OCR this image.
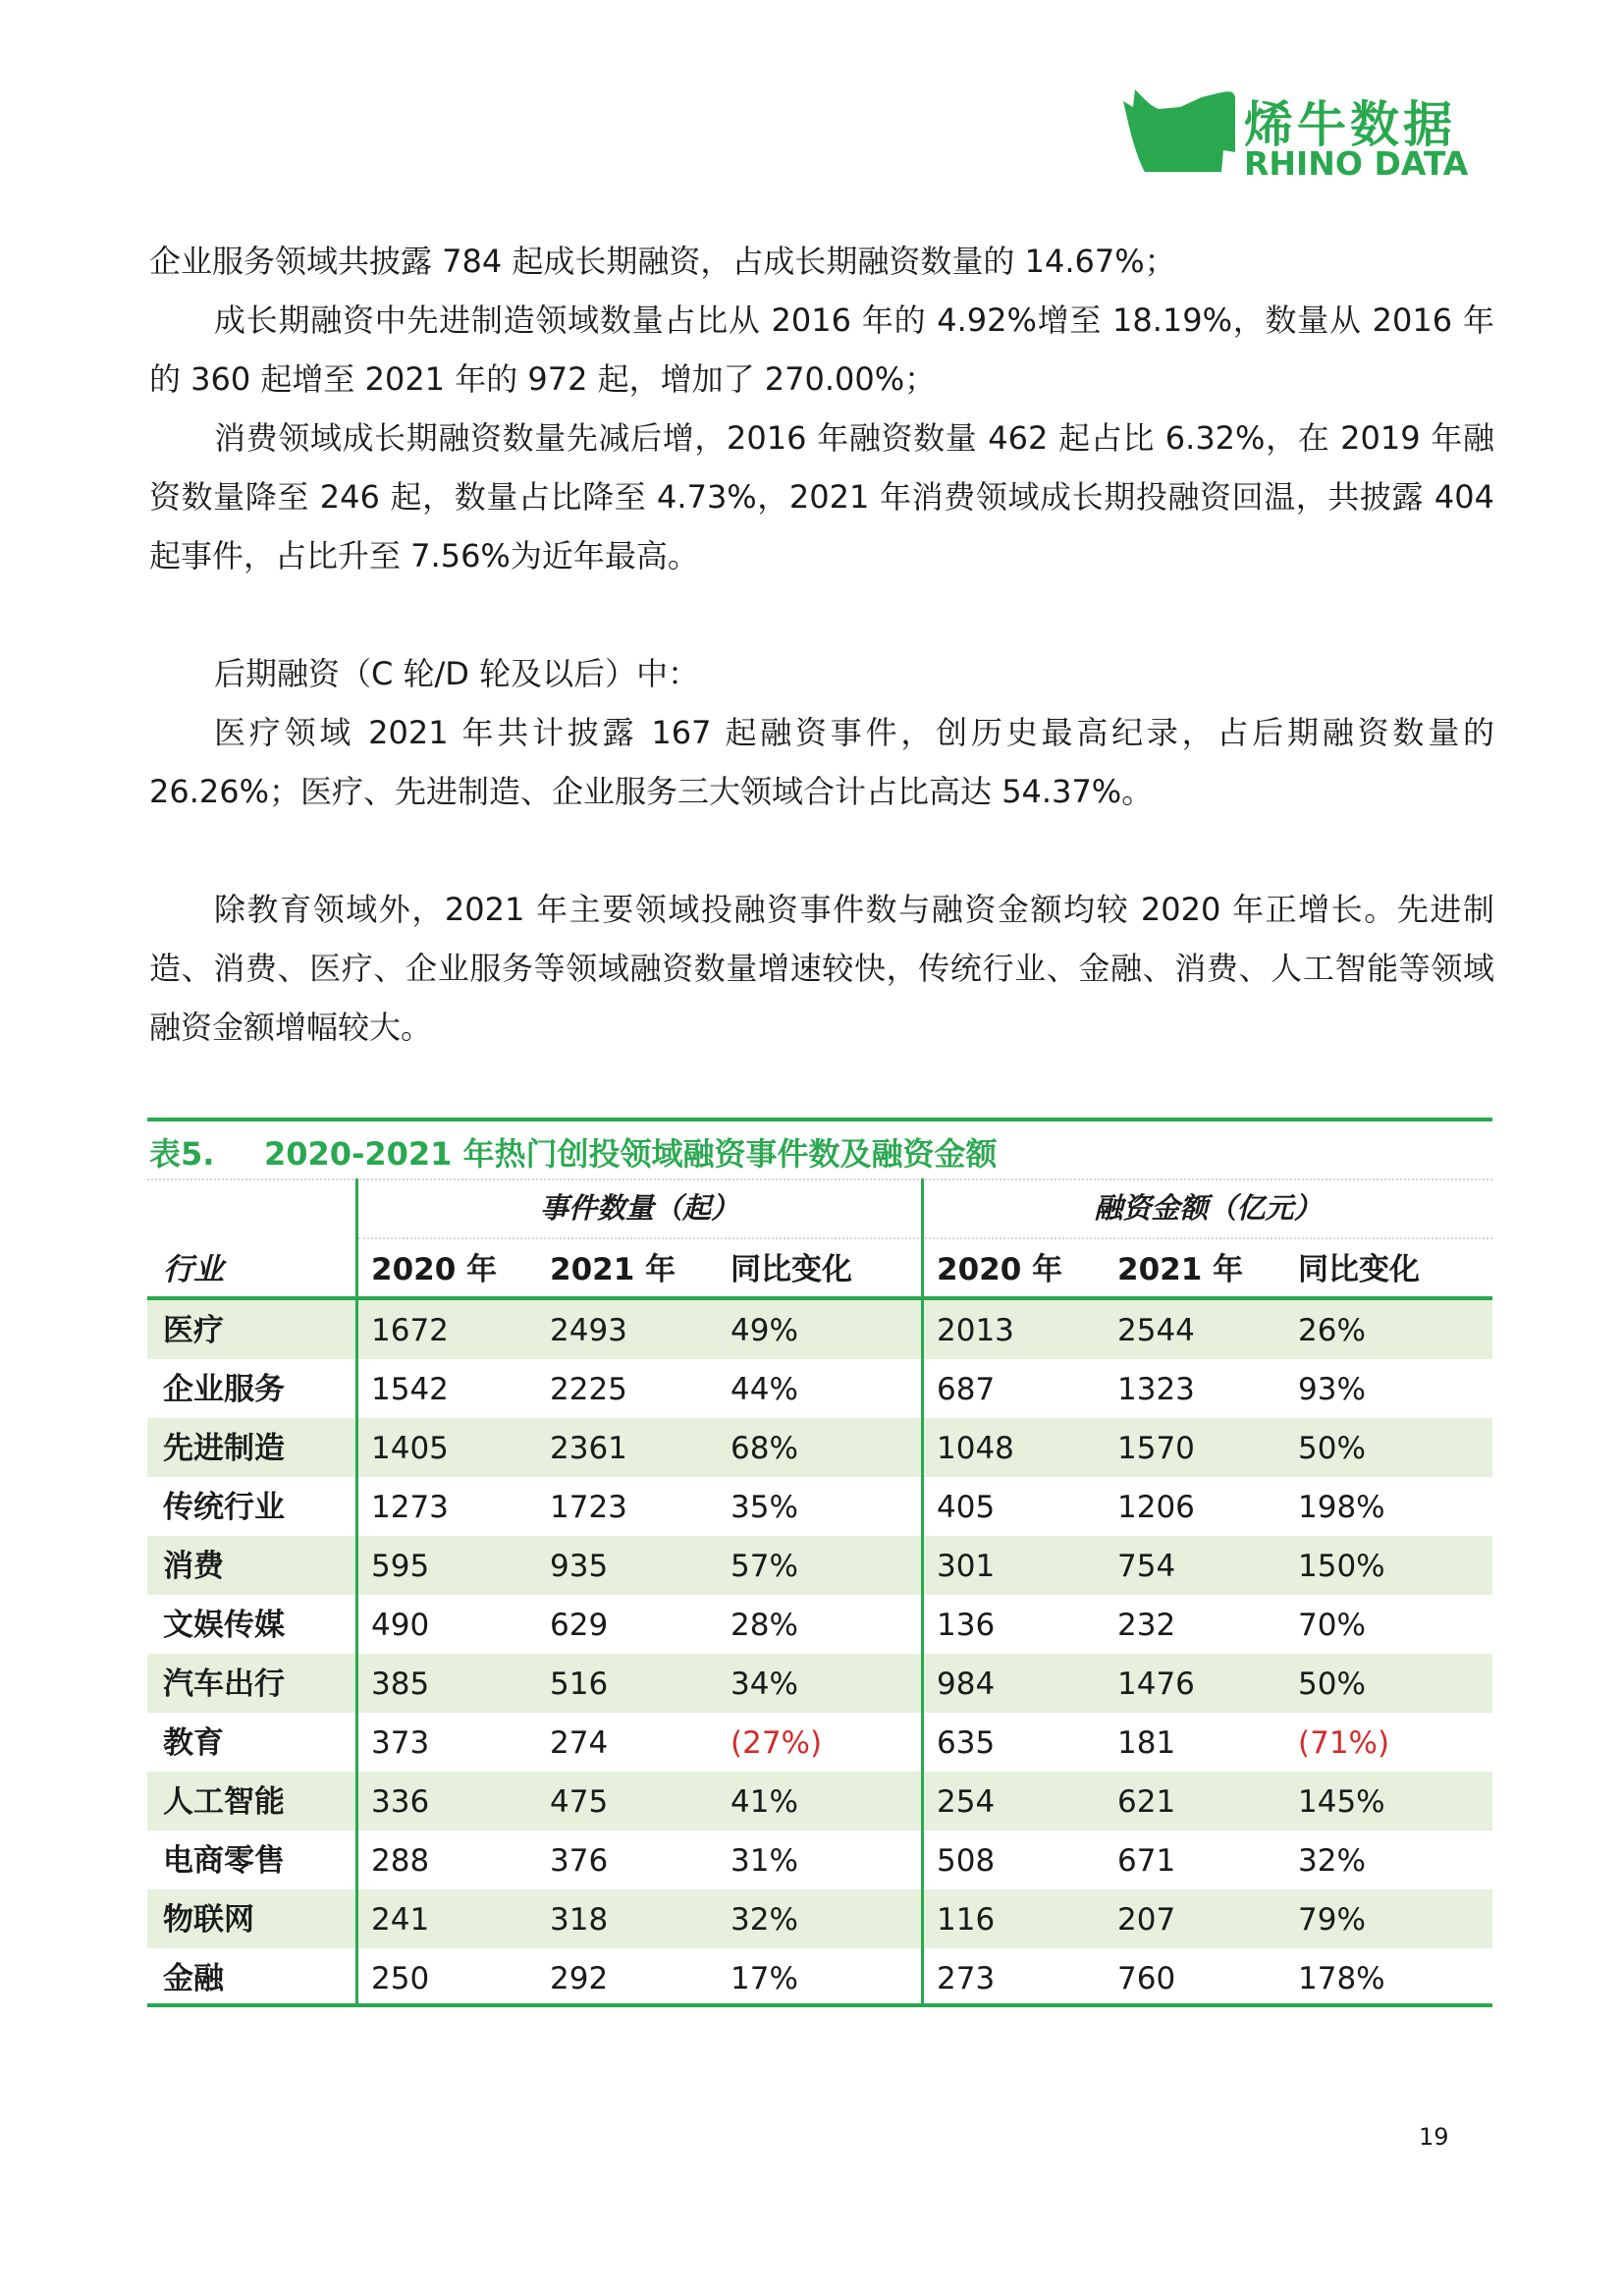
烯牛数据
RHINO DATA

企业服务领域共披露 784 起成长期融资，占成长期融资数量的 14.67%；

成长期融资中先进制造领域数量占比从 2016 年的 4.92%增至 18.19%，数量从 2016 年的 360 起增至 2021 年的 972 起，增加了 270.00%；

消费领域成长期融资数量先减后增，2016 年融资数量 462 起占比 6.32%，在 2019 年融资数量降至 246 起，数量占比降至 4.73%，2021 年消费领域成长期投融资回温，共披露 404 起事件，占比升至 7.56%为近年最高。

后期融资（C 轮/D 轮及以后）中：

医疗领域 2021 年共计披露 167 起融资事件，创历史最高纪录，占后期融资数量的 26.26%；医疗、先进制造、企业服务三大领域合计占比高达 54.37%。

除教育领域外，2021 年主要领域投融资事件数与融资金额均较 2020 年正增长。先进制造、消费、医疗、企业服务等领域融资数量增速较快，传统行业、金融、消费、人工智能等领域融资金额增幅较大。

事件数量（起）	融资金额（亿元）
行业	2020 年 2021 年 同比变化	2020 年 2021 年 同比变化
医疗	1672	2493	49%	2013	2544	26%
企业服务	1542	2225	44%	687	1323	93%
先进制造	1405	2361	68%	1048	1570	50%
传统行业	1273	1723	35%	405	1206	198%
消费	595	935	57%	301	754	150%
文娱传媒	490	629	28%	136	232	70%
汽车出行	385	516	34%	984	1476	50%
教育	373	274	(27%)	635	181	(71%)
人工智能	336	475	41%	254	621	145%
电商零售	288	376	31%	508	671	32%
物联网	241	318	32%	116	207	79%
金融	250	292	17%	273	760	178%
表5. 2020-2021 年热门创投领域融资事件数及融资金额
19
